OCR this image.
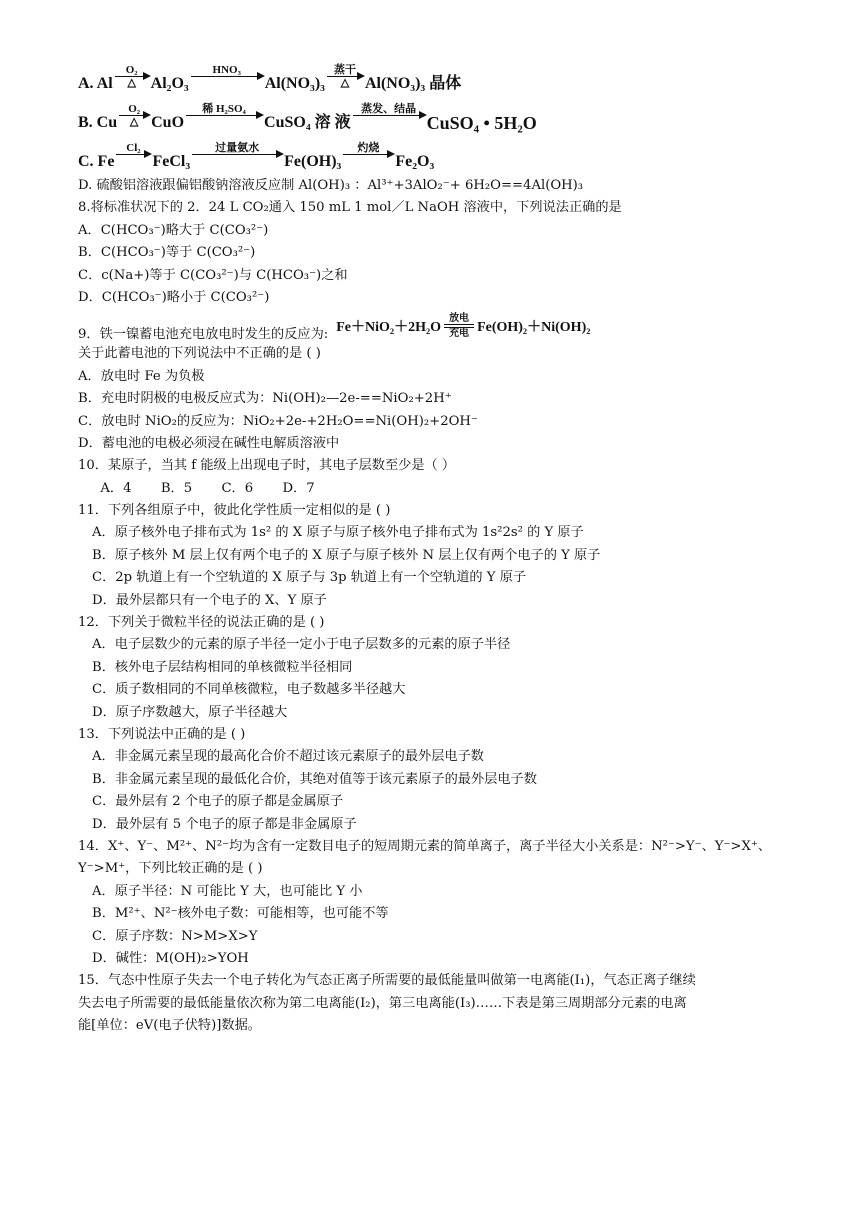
A. Al
O₂
△ Al₂O₃
HNO₃

Al(NO₃)₃
蒸干
△ Al(NO₃)₃ 晶体
B. Cu
O₂
△ CuO
稀 H₂SO₄

CuSO₄ 溶 液
蒸发、结晶

CuSO₄ • 5H₂O
C. Fe
Cl₂

FeCl₃
过量氨水

Fe(OH)₃
灼烧

Fe₂O₃
D. 硫酸铝溶液跟偏铝酸钠溶液反应制 Al(OH)₃ ：Al³⁺+3AlO₂⁻+ 6H₂O==4Al(OH)₃
8.将标准状况下的 2．24 L CO₂通入 150 mL 1 mol／L NaOH 溶液中，下列说法正确的是
A．C(HCO₃⁻)略大于 C(CO₃²⁻)
B．C(HCO₃⁻)等于 C(CO₃²⁻)
C．c(Na+)等于 C(CO₃²⁻)与 C(HCO₃⁻)之和
D．C(HCO₃⁻)略小于 C(CO₃²⁻)
9．铁一镍蓄电池充电放电时发生的反应为: Fe＋NiO₂＋2H₂O
放电
充电 Fe(OH)₂＋Ni(OH)₂
关于此蓄电池的下列说法中不正确的是 ( )
A．放电时 Fe 为负极
B．充电时阴极的电极反应式为：Ni(OH)₂—2e-==NiO₂+2H⁺
C．放电时 NiO₂的反应为：NiO₂+2e-+2H₂O==Ni(OH)₂+2OH⁻
D．蓄电池的电极必须浸在碱性电解质溶液中
10．某原子，当其 f 能级上出现电子时，其电子层数至少是（ ）
A．4       B．5       C．6       D．7
11．下列各组原子中，彼此化学性质一定相似的是 ( )
A．原子核外电子排布式为 1s² 的 X 原子与原子核外电子排布式为 1s²2s² 的 Y 原子
B．原子核外 M 层上仅有两个电子的 X 原子与原子核外 N 层上仅有两个电子的 Y 原子
C．2p 轨道上有一个空轨道的 X 原子与 3p 轨道上有一个空轨道的 Y 原子
D．最外层都只有一个电子的 X、Y 原子
12．下列关于微粒半径的说法正确的是 ( )
A．电子层数少的元素的原子半径一定小于电子层数多的元素的原子半径
B．核外电子层结构相同的单核微粒半径相同
C．质子数相同的不同单核微粒，电子数越多半径越大
D．原子序数越大，原子半径越大
13．下列说法中正确的是 ( )
A．非金属元素呈现的最高化合价不超过该元素原子的最外层电子数
B．非金属元素呈现的最低化合价，其绝对值等于该元素原子的最外层电子数
C．最外层有 2 个电子的原子都是金属原子
D．最外层有 5 个电子的原子都是非金属原子
14．X⁺、Y⁻、M²⁺、N²⁻均为含有一定数目电子的短周期元素的简单离子，离子半径大小关系是：N²⁻>Y⁻、Y⁻>X⁺、
Y⁻>M⁺，下列比较正确的是 ( )
A．原子半径：N 可能比 Y 大，也可能比 Y 小
B．M²⁺、N²⁻核外电子数：可能相等，也可能不等
C．原子序数：N>M>X>Y
D．碱性：M(OH)₂>YOH
15．气态中性原子失去一个电子转化为气态正离子所需要的最低能量叫做第一电离能(I₁)，气态正离子继续
失去电子所需要的最低能量依次称为第二电离能(I₂)，第三电离能(I₃)……下表是第三周期部分元素的电离
能[单位：eV(电子伏特)]数据。
